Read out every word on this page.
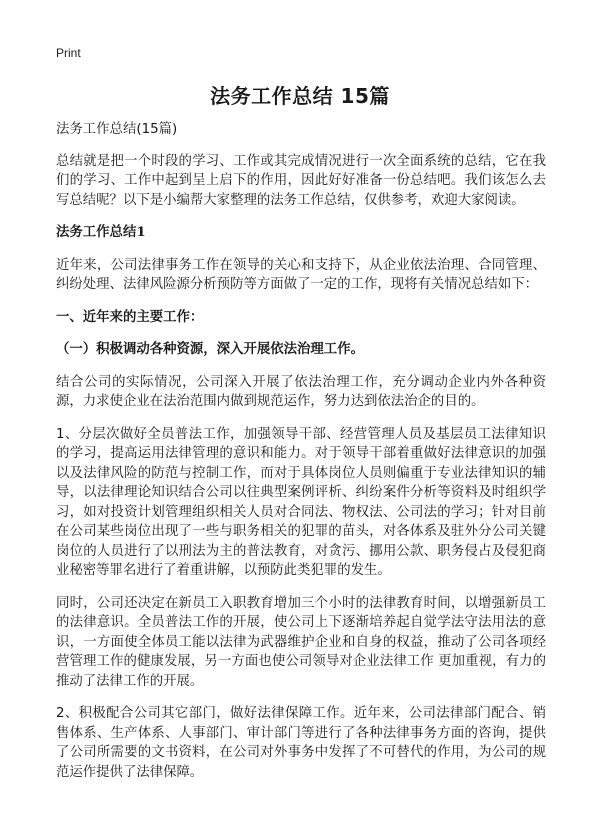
Print
法务工作总结 15篇

法务工作总结(15篇)

总结就是把一个时段的学习、工作或其完成情况进行一次全面系统的总结，它在我们的学习、工作中起到呈上启下的作用，因此好好准备一份总结吧。我们该怎么去写总结呢？以下是小编帮大家整理的法务工作总结，仅供参考，欢迎大家阅读。

法务工作总结1

近年来，公司法律事务工作在领导的关心和支持下，从企业依法治理、合同管理、纠纷处理、法律风险源分析预防等方面做了一定的工作，现将有关情况总结如下：

一、近年来的主要工作：

（一）积极调动各种资源，深入开展依法治理工作。

结合公司的实际情况，公司深入开展了依法治理工作，充分调动企业内外各种资源，力求使企业在法治范围内做到规范运作，努力达到依法治企的目的。

1、分层次做好全员普法工作，加强领导干部、经营管理人员及基层员工法律知识的学习，提高运用法律管理的意识和能力。对于领导干部着重做好法律意识的加强以及法律风险的防范与控制工作，而对于具体岗位人员则偏重于专业法律知识的辅导，以法律理论知识结合公司以往典型案例评析、纠纷案件分析等资料及时组织学习，如对投资计划管理组织相关人员对合同法、物权法、公司法的学习；针对目前在公司某些岗位出现了一些与职务相关的犯罪的苗头，对各体系及驻外分公司关键岗位的人员进行了以刑法为主的普法教育，对贪污、挪用公款、职务侵占及侵犯商业秘密等罪名进行了着重讲解，以预防此类犯罪的发生。

同时，公司还决定在新员工入职教育增加三个小时的法律教育时间，以增强新员工的法律意识。全员普法工作的开展，使公司上下逐渐培养起自觉学法守法用法的意识，一方面使全体员工能以法律为武器维护企业和自身的权益，推动了公司各项经营管理工作的健康发展，另一方面也使公司领导对企业法律工作 更加重视，有力的推动了法律工作的开展。

2、积极配合公司其它部门，做好法律保障工作。近年来，公司法律部门配合、销售体系、生产体系、人事部门、审计部门等进行了各种法律事务方面的咨询，提供了公司所需要的文书资料，在公司对外事务中发挥了不可替代的作用，为公司的规范运作提供了法律保障。
